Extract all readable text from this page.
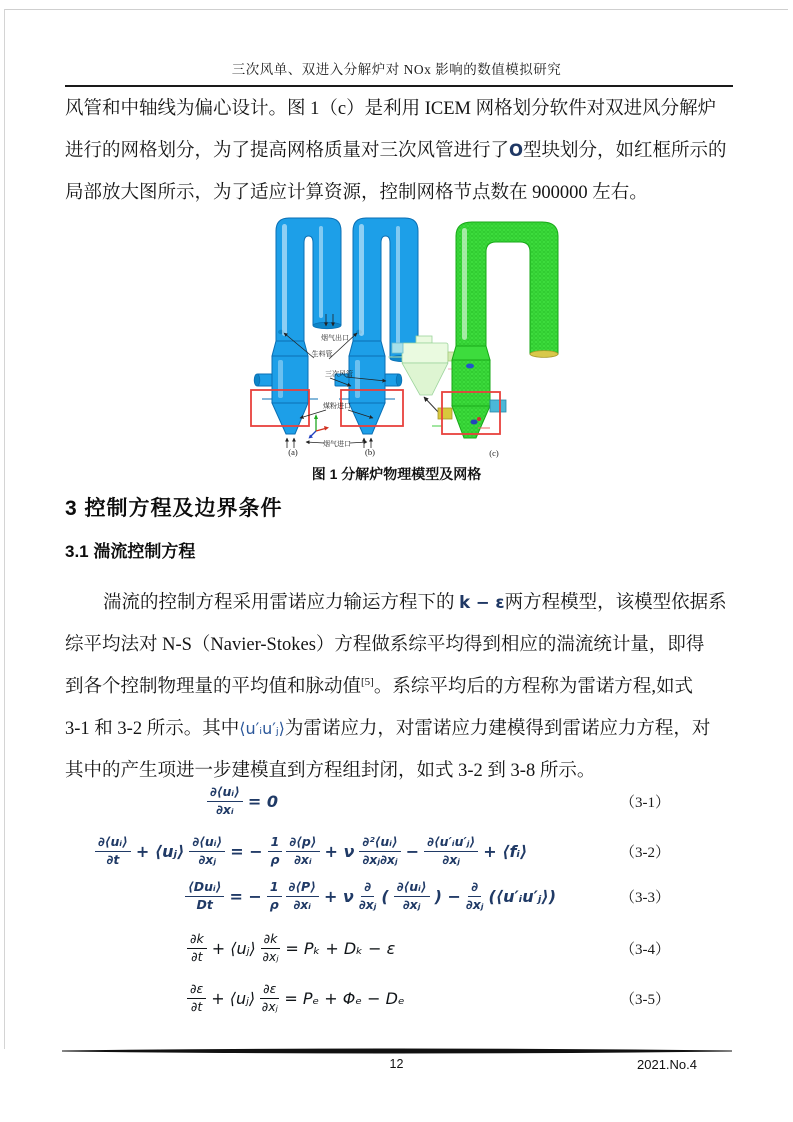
三次风单、双进入分解炉对 NOx 影响的数值模拟研究
风管和中轴线为偏心设计。图 1（c）是利用 ICEM 网格划分软件对双进风分解炉
进行的网格划分，为了提高网格质量对三次风管进行了O型块划分，如红框所示的
局部放大图所示，为了适应计算资源，控制网格节点数在 900000 左右。
烟气出口
生料管
三次风管
煤粉进口
烟气进口
(a)	(b)	(c)
图 1 分解炉物理模型及网格
3 控制方程及边界条件
3.1 湍流控制方程
湍流的控制方程采用雷诺应力输运方程下的 k − ε两方程模型，该模型依据系
综平均法对 N-S（Navier-Stokes）方程做系综平均得到相应的湍流统计量，即得
到各个控制物理量的平均值和脉动值[5]。系综平均后的方程称为雷诺方程,如式
3-1 和 3-2 所示。其中⟨u′ᵢu′ⱼ⟩为雷诺应力，对雷诺应力建模得到雷诺应力方程，对
其中的产生项进一步建模直到方程组封闭，如式 3-2 到 3-8 所示。
$\frac{\text{∂⟨uᵢ⟩}}{\text{∂xᵢ}} = 0$	（3-1）
$\frac{\text{∂⟨uᵢ⟩}}{\partial t}$ + ⟨uⱼ⟩ $\frac{\text{∂⟨uᵢ⟩}}{\text{∂xⱼ}}$ = − $\frac{1}{\rho} \frac{\partial⟨p⟩}{\text{∂xᵢ}} + \nu \frac{\text{∂²⟨uᵢ⟩}}{\text{∂xⱼ∂xⱼ}} - \frac{\text{∂⟨u′ᵢu′ⱼ⟩}}{\text{∂xⱼ}}$ + ⟨fᵢ⟩	（3-2）
$\frac{\text{⟨Duᵢ⟩}}{Dt}$ = − $\frac{1}{\rho} \frac{\partial⟨P⟩}{\text{∂xᵢ}} + \nu \frac{\partial}{\text{∂xⱼ}}$ ( $\frac{\text{∂⟨uᵢ⟩}}{\text{∂xⱼ}}$ ) − $\frac{\partial}{\text{∂xⱼ}}$ (⟨u′ᵢu′ⱼ⟩)	（3-3）
$\frac{\partial k}{\partial t}$ + ⟨uⱼ⟩ $\frac{\partial k}{\text{∂xⱼ}} = P_k + D_k - \varepsilon$	（3-4）
$\frac{\partial\varepsilon}{\partial t}$ + ⟨uⱼ⟩ $\frac{\partial\varepsilon}{\text{∂xⱼ}} = P_e + \Phi_e - D_e$	（3-5）
12	2021.No.4
